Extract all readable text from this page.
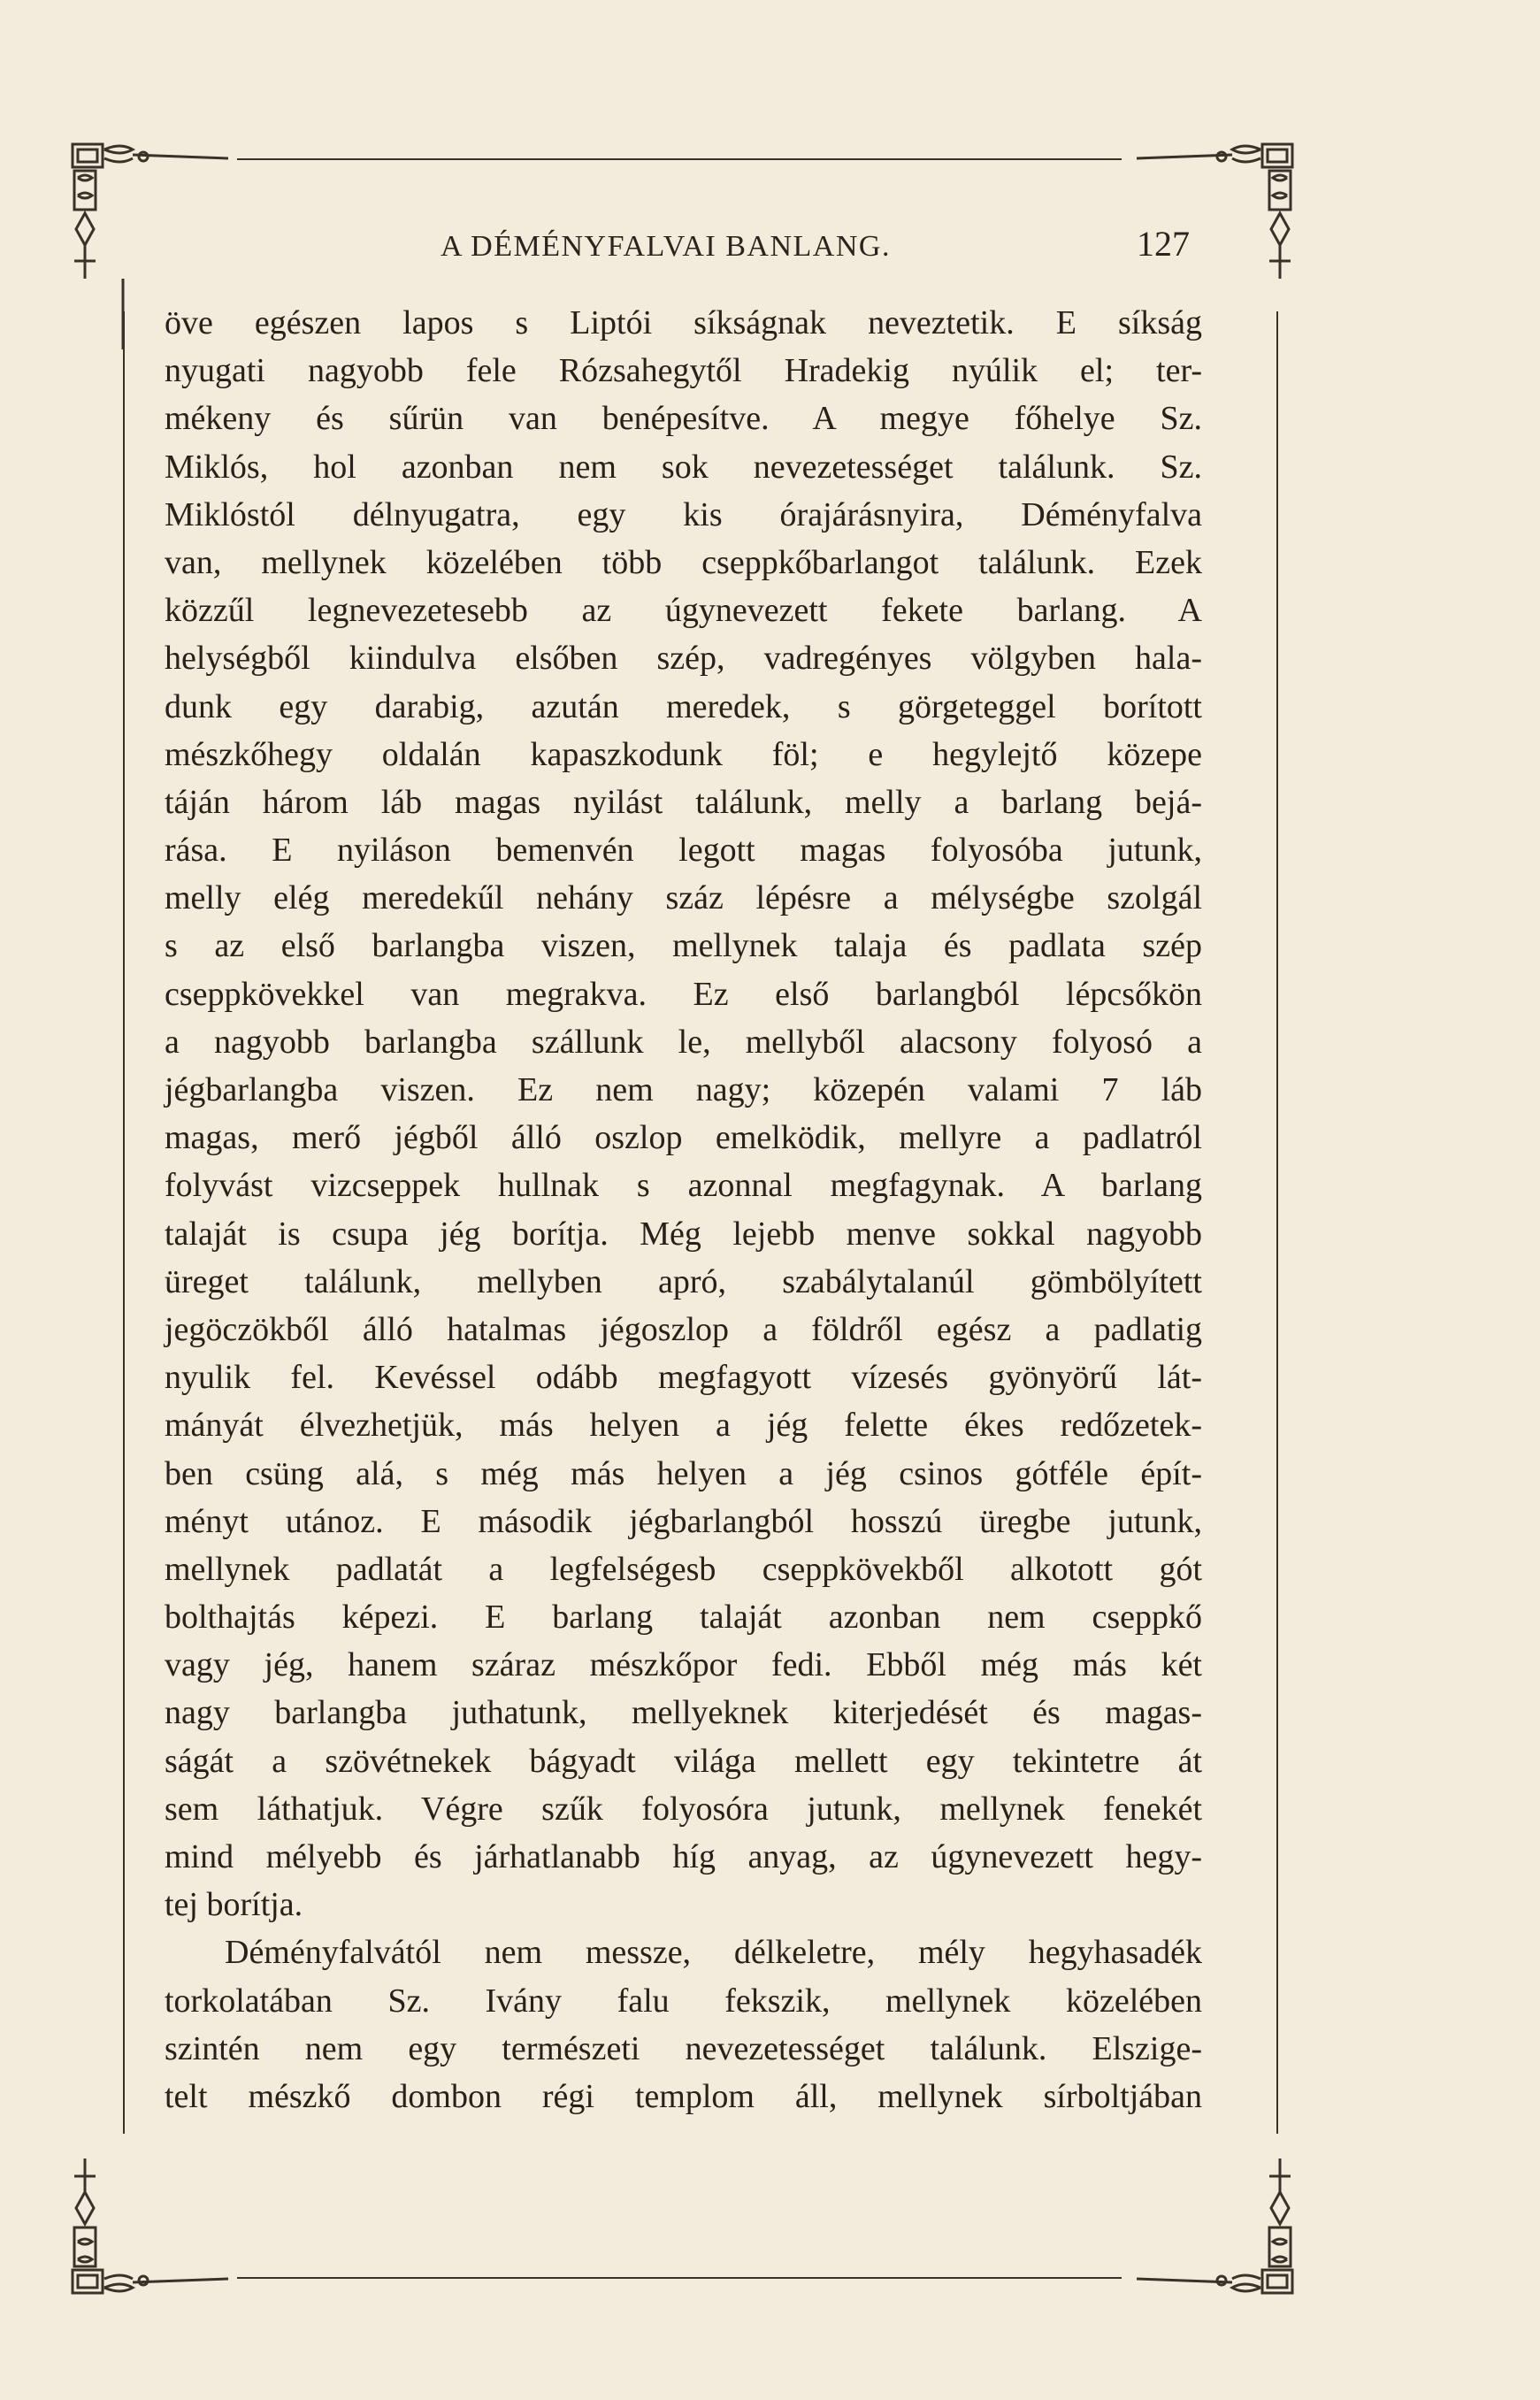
A DÉMÉNYFALVAI BANLANG.	127
öve egészen lapos s Liptói síkságnak neveztetik. E síkság
nyugati nagyobb fele Rózsahegytől Hradekig nyúlik el; ter-
mékeny és sűrün van benépesítve. A megye főhelye Sz.
Miklós, hol azonban nem sok nevezetességet találunk. Sz.
Miklóstól délnyugatra, egy kis órajárásnyira, Déményfalva
van, mellynek közelében több cseppkőbarlangot találunk. Ezek
közzűl legnevezetesebb az úgynevezett fekete barlang. A
helységből kiindulva elsőben szép, vadregényes völgyben hala-
dunk egy darabig, azután meredek, s görgeteggel borított
mészkőhegy oldalán kapaszkodunk föl; e hegylejtő közepe
táján három láb magas nyilást találunk, melly a barlang bejá-
rása. E nyiláson bemenvén legott magas folyosóba jutunk,
melly elég meredekűl nehány száz lépésre a mélységbe szolgál
s az első barlangba viszen, mellynek talaja és padlata szép
cseppkövekkel van megrakva. Ez első barlangból lépcsőkön
a nagyobb barlangba szállunk le, mellyből alacsony folyosó a
jégbarlangba viszen. Ez nem nagy; közepén valami 7 láb
magas, merő jégből álló oszlop emelködik, mellyre a padlatról
folyvást vizcseppek hullnak s azonnal megfagynak. A barlang
talaját is csupa jég borítja. Még lejebb menve sokkal nagyobb
üreget találunk, mellyben apró, szabálytalanúl gömbölyített
jegöczökből álló hatalmas jégoszlop a földről egész a padlatig
nyulik fel. Kevéssel odább megfagyott vízesés gyönyörű lát-
mányát élvezhetjük, más helyen a jég felette ékes redőzetek-
ben csüng alá, s még más helyen a jég csinos gótféle épít-
ményt utánoz. E második jégbarlangból hosszú üregbe jutunk,
mellynek padlatát a legfelségesb cseppkövekből alkotott gót
bolthajtás képezi. E barlang talaját azonban nem cseppkő
vagy jég, hanem száraz mészkőpor fedi. Ebből még más két
nagy barlangba juthatunk, mellyeknek kiterjedését és magas-
ságát a szövétnekek bágyadt világa mellett egy tekintetre át
sem láthatjuk. Végre szűk folyosóra jutunk, mellynek fenekét
mind mélyebb és járhatlanabb híg anyag, az úgynevezett hegy-
tej borítja.
Déményfalvától nem messze, délkeletre, mély hegyhasadék
torkolatában Sz. Ivány falu fekszik, mellynek közelében
szintén nem egy természeti nevezetességet találunk. Elszige-
telt mészkő dombon régi templom áll, mellynek sírboltjában
